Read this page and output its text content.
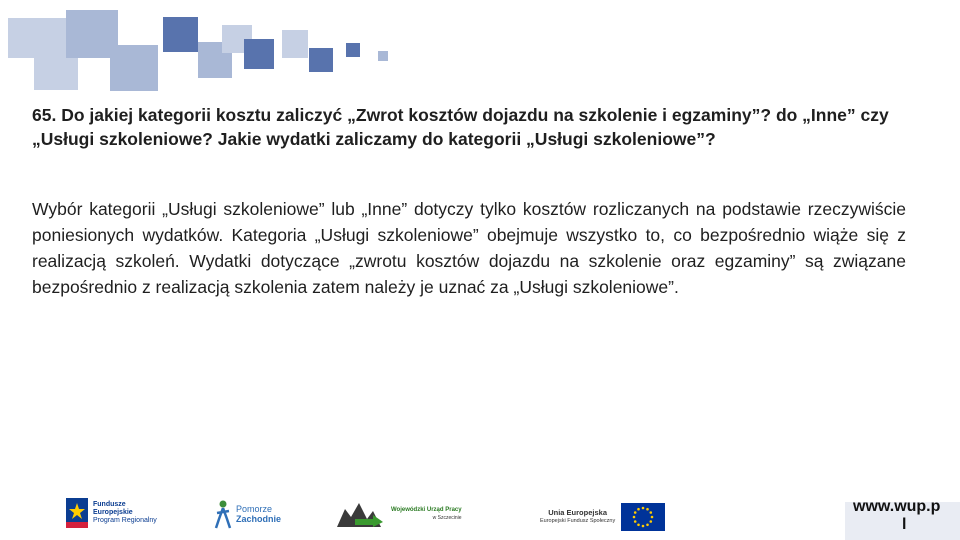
65. Do jakiej kategorii kosztu zaliczyć „Zwrot kosztów dojazdu na szkolenie i egzaminy”? do „Inne” czy „Usługi szkoleniowe? Jakie wydatki zaliczamy do kategorii „Usługi szkoleniowe”?

Wybór kategorii „Usługi szkoleniowe” lub „Inne” dotyczy tylko kosztów rozliczanych na podstawie rzeczywiście poniesionych wydatków. Kategoria „Usługi szkoleniowe” obejmuje wszystko to, co bezpośrednio wiąże się z realizacją szkoleń. Wydatki dotyczące „zwrotu kosztów dojazdu na szkolenie oraz egzaminy” są związane bezpośrednio z realizacją szkolenia zatem należy je uznać za „Usługi szkoleniowe”.

Fundusze
Europejskie
Program Regionalny
Pomorze
Zachodnie
Wojewódzki Urząd Pracy
w Szczecinie
Unia Europejska
Europejski Fundusz Społeczny
www.wup.p
l
